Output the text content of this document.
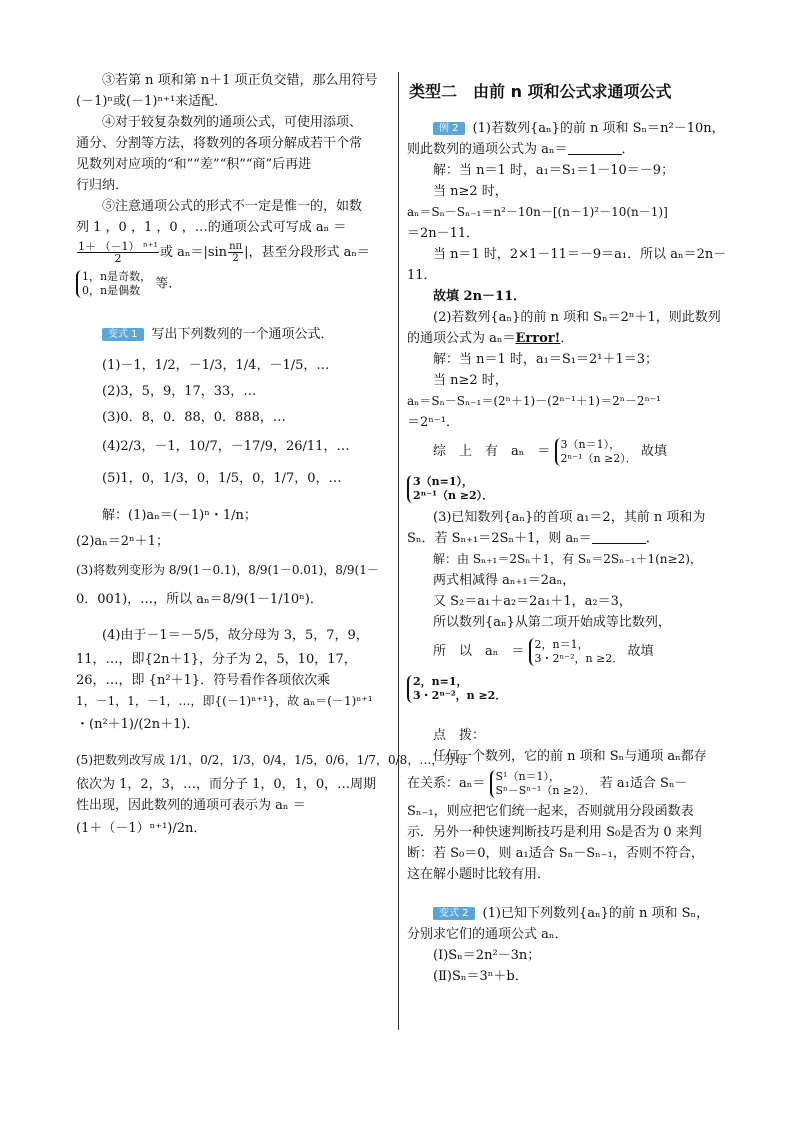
③若第 n 项和第 n＋1 项正负交错，那么用符号
(－1)ⁿ或(－1)ⁿ⁺¹来适配．
④对于较复杂数列的通项公式，可使用添项、
通分、分割等方法，将数列的各项分解成若干个常
见数列对应项的“和”“差”“积”“商”后再进
行归纳．
⑤注意通项公式的形式不一定是惟一的，如数
列 1 ，0 ，1 ，0 ，…的通项公式可写成 aₙ ＝
$\frac{\text{1＋ （－1） ⁿ⁺¹}}{2}$ 或 $a_n=|\sin \frac{n\pi}{2}$ |，甚至分段形式 aₙ＝
1，n是奇数，
0，n是偶数	等．
变式 1 写出下列数列的一个通项公式．
(1)－1，1/2，－1/3，1/4，－1/5，…
(2)3，5，9，17，33，…
(3)0．8，0．88，0．888，…
(4)2/3，－1，10/7，－17/9，26/11，…
(5)1，0，1/3，0，1/5，0，1/7，0，…
解：(1)aₙ＝(－1)ⁿ・1/n；
(2)aₙ＝2ⁿ＋1；
(3)将数列变形为 8/9(1－0.1)，8/9(1－0.01)，8/9(1－
0．001)，…，所以 aₙ＝8/9(1－1/10ⁿ)．
(4)由于－1＝－5/5，故分母为 3，5，7，9，
11，…，即{2n＋1}，分子为 2，5，10，17，
26，…，即 {n²＋1}．符号看作各项依次乘
1，－1，1，－1，…，即{(－1)ⁿ⁺¹}，故 aₙ＝(－1)ⁿ⁺¹
・(n²＋1)/(2n＋1)．
(5)把数列改写成 1/1，0/2，1/3，0/4，1/5，0/6，1/7，0/8，…，分母
依次为 1，2，3，…，而分子 1，0，1，0，…周期
性出现，因此数列的通项可表示为 aₙ ＝
(1＋（－1）ⁿ⁺¹)/2n．
类型二　由前 n 项和公式求通项公式
例 2 (1)若数列{aₙ}的前 n 项和 Sₙ＝n²－10n，
则此数列的通项公式为 aₙ＝	．
解：当 n＝1 时，a₁＝S₁＝1－10＝－9；
当 n≥2 时，
aₙ＝Sₙ－Sₙ₋₁＝n²－10n－[(n－1)²－10(n－1)]
＝2n－11．
当 n＝1 时，2×1－11＝－9＝a₁．所以 aₙ＝2n－
11．
故填 2n－11．
(2)若数列{aₙ}的前 n 项和 Sₙ＝2ⁿ＋1，则此数列
的通项公式为 aₙ＝Error!．
解：当 n＝1 时，a₁＝S₁＝2¹＋1＝3；
当 n≥2 时，
aₙ＝Sₙ－Sₙ₋₁＝(2ⁿ＋1)－(2ⁿ⁻¹＋1)＝2ⁿ－2ⁿ⁻¹
＝2ⁿ⁻¹．
综　上　有　aₙ　＝ 3（n＝1），
2ⁿ⁻¹（n ≥2）． 故填
3（n=1），
2ⁿ⁻¹（n ≥2）．
(3)已知数列{aₙ}的首项 a₁＝2，其前 n 项和为
Sₙ．若 Sₙ₊₁＝2Sₙ＋1，则 aₙ＝	．
解：由 Sₙ₊₁＝2Sₙ＋1，有 Sₙ＝2Sₙ₋₁＋1(n≥2)，
两式相减得 aₙ₊₁＝2aₙ，
又 S₂＝a₁＋a₂＝2a₁＋1，a₂＝3，
所以数列{aₙ}从第二项开始成等比数列，
所　以　aₙ　＝ 2，n＝1，
3・2ⁿ⁻²，n ≥2． 故填
2，n=1，
3・2ⁿ⁻²，n ≥2．
点　拨：
任何一个数列，它的前 n 项和 Sₙ与通项 aₙ都存
在关系：aₙ＝ S¹（n＝1），
Sⁿ－Sⁿ⁻¹（n ≥2）． 若 a₁适合 Sₙ－
Sₙ₋₁，则应把它们统一起来，否则就用分段函数表
示．另外一种快速判断技巧是利用 S₀是否为 0 来判
断：若 S₀＝0，则 a₁适合 Sₙ－Sₙ₋₁，否则不符合，
这在解小题时比较有用．
变式 2 (1)已知下列数列{aₙ}的前 n 项和 Sₙ，
分别求它们的通项公式 aₙ．
(Ⅰ)Sₙ＝2n²－3n；
(Ⅱ)Sₙ＝3ⁿ＋b．
